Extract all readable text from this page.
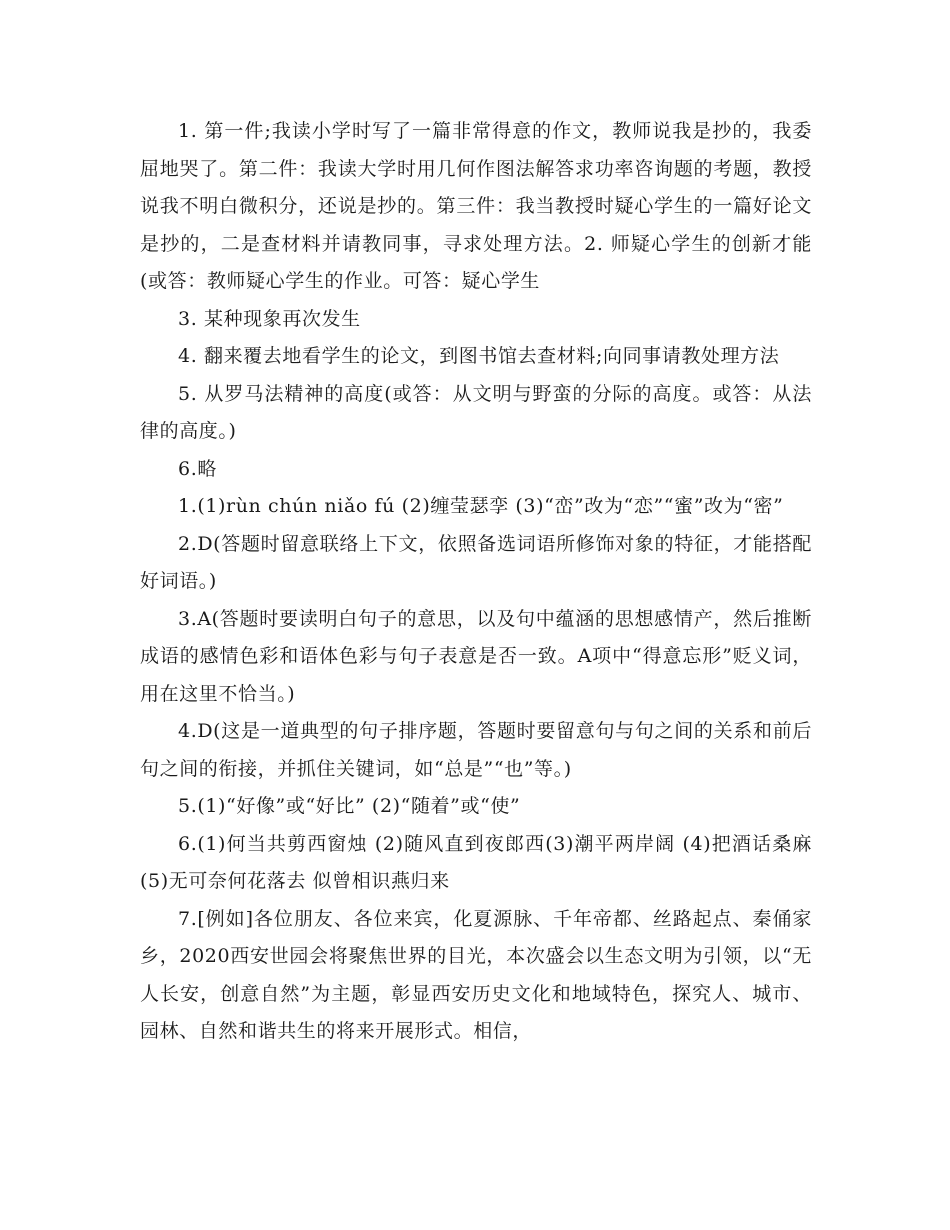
1. 第一件;我读小学时写了一篇非常得意的作文，教师说我是抄的，我委屈地哭了。第二件：我读大学时用几何作图法解答求功率咨询题的考题，教授说我不明白微积分，还说是抄的。第三件：我当教授时疑心学生的一篇好论文是抄的，二是查材料并请教同事，寻求处理方法。2. 师疑心学生的创新才能(或答：教师疑心学生的作业。可答：疑心学生

3. 某种现象再次发生

4. 翻来覆去地看学生的论文，到图书馆去查材料;向同事请教处理方法

5. 从罗马法精神的高度(或答：从文明与野蛮的分际的高度。或答：从法律的高度。)

6.略

1.(1)rùn chún niǎo fú (2)缠莹瑟孪 (3)“峦”改为“恋”“蜜”改为“密”

2.D(答题时留意联络上下文，依照备选词语所修饰对象的特征，才能搭配好词语。)

3.A(答题时要读明白句子的意思，以及句中蕴涵的思想感情产，然后推断成语的感情色彩和语体色彩与句子表意是否一致。A项中“得意忘形”贬义词，用在这里不恰当。)

4.D(这是一道典型的句子排序题，答题时要留意句与句之间的关系和前后句之间的衔接，并抓住关键词，如“总是”“也”等。)

5.(1)“好像”或“好比” (2)“随着”或“使”

6.(1)何当共剪西窗烛 (2)随风直到夜郎西(3)潮平两岸阔 (4)把酒话桑麻(5)无可奈何花落去 似曾相识燕归来

7.[例如]各位朋友、各位来宾，化夏源脉、千年帝都、丝路起点、秦俑家乡，2020西安世园会将聚焦世界的目光，本次盛会以生态文明为引领，以“无人长安，创意自然”为主题，彰显西安历史文化和地域特色，探究人、城市、园林、自然和谐共生的将来开展形式。相信，
